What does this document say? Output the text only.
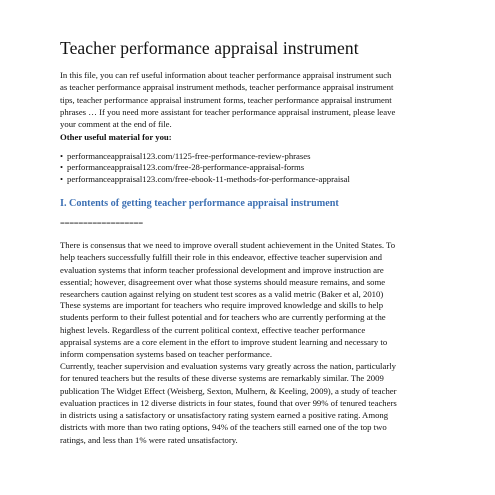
Teacher performance appraisal instrument
In this file, you can ref useful information about teacher performance appraisal instrument such
as teacher performance appraisal instrument methods, teacher performance appraisal instrument
tips, teacher performance appraisal instrument forms, teacher performance appraisal instrument
phrases … If you need more assistant for teacher performance appraisal instrument, please leave
your comment at the end of file.
Other useful material for you:
• performanceappraisal123.com/1125-free-performance-review-phrases
• performanceappraisal123.com/free-28-performance-appraisal-forms
• performanceappraisal123.com/free-ebook-11-methods-for-performance-appraisal
I. Contents of getting teacher performance appraisal instrument
==================
There is consensus that we need to improve overall student achievement in the United States. To
help teachers successfully fulfill their role in this endeavor, effective teacher supervision and
evaluation systems that inform teacher professional development and improve instruction are
essential; however, disagreement over what those systems should measure remains, and some
researchers caution against relying on student test scores as a valid metric (Baker et al, 2010)
These systems are important for teachers who require improved knowledge and skills to help
students perform to their fullest potential and for teachers who are currently performing at the
highest levels. Regardless of the current political context, effective teacher performance
appraisal systems are a core element in the effort to improve student learning and necessary to
inform compensation systems based on teacher performance.
Currently, teacher supervision and evaluation systems vary greatly across the nation, particularly
for tenured teachers but the results of these diverse systems are remarkably similar. The 2009
publication The Widget Effect (Weisberg, Sexton, Mulhern, & Keeling, 2009), a study of teacher
evaluation practices in 12 diverse districts in four states, found that over 99% of tenured teachers
in districts using a satisfactory or unsatisfactory rating system earned a positive rating. Among
districts with more than two rating options, 94% of the teachers still earned one of the top two
ratings, and less than 1% were rated unsatisfactory.
